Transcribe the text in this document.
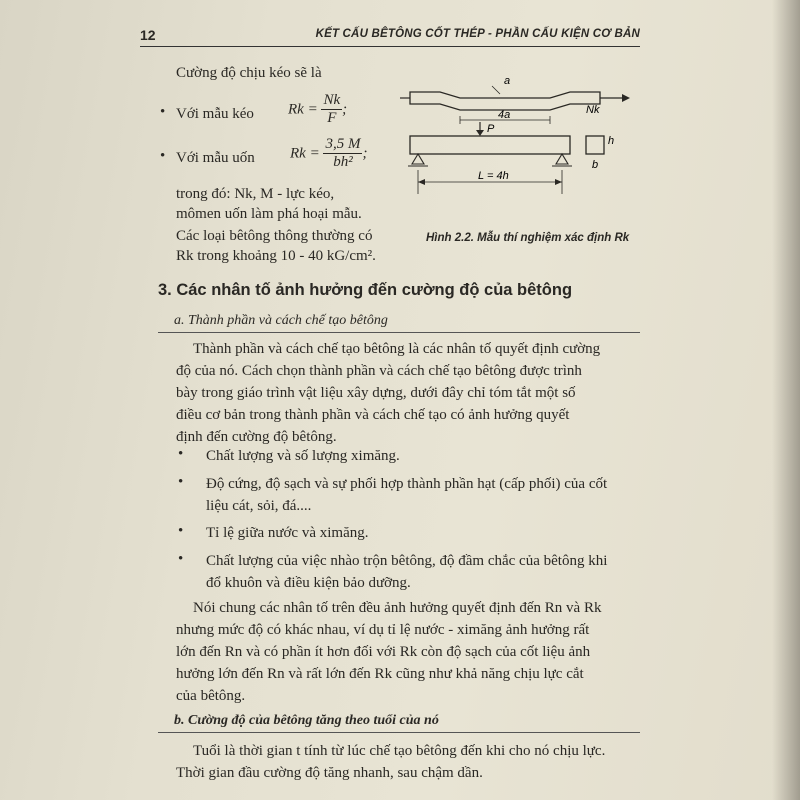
12	KẾT CẤU BÊTÔNG CỐT THÉP - PHẦN CẤU KIỆN CƠ BẢN
Cường độ chịu kéo sẽ là
• Với mẫu kéo $Rk = \frac{Nk}{F}$ ;
• Với mẫu uốn $Rk = \frac{3,5 M}{\text{bh²}}$ ;
trong đó: Nk, M - lực kéo,
mômen uốn làm phá hoại mẫu.
Các loại bêtông thông thường có
Rk trong khoảng 10 - 40 kG/cm².
Nk
a
4a
P
h
b
L = 4h
Hình 2.2. Mẫu thí nghiệm xác định Rk
3. Các nhân tố ảnh hưởng đến cường độ của bêtông
a. Thành phần và cách chế tạo bêtông
Thành phần và cách chế tạo bêtông là các nhân tố quyết định cường
độ của nó. Cách chọn thành phần và cách chế tạo bêtông được trình
bày trong giáo trình vật liệu xây dựng, dưới đây chỉ tóm tắt một số
điều cơ bản trong thành phần và cách chế tạo có ảnh hưởng quyết
định đến cường độ bêtông.
• Chất lượng và số lượng ximăng.
• Độ cứng, độ sạch và sự phối hợp thành phần hạt (cấp phối) của cốt
liệu cát, sỏi, đá....
• Tỉ lệ giữa nước và ximăng.
• Chất lượng của việc nhào trộn bêtông, độ đầm chắc của bêtông khi
đổ khuôn và điều kiện bảo dưỡng.
Nói chung các nhân tố trên đều ảnh hưởng quyết định đến Rn và Rk
nhưng mức độ có khác nhau, ví dụ tỉ lệ nước - ximăng ảnh hưởng rất
lớn đến Rn và có phần ít hơn đối với Rk còn độ sạch của cốt liệu ảnh
hưởng lớn đến Rn và rất lớn đến Rk cũng như khả năng chịu lực cắt
của bêtông.
b. Cường độ của bêtông tăng theo tuổi của nó
Tuổi là thời gian t tính từ lúc chế tạo bêtông đến khi cho nó chịu lực.
Thời gian đầu cường độ tăng nhanh, sau chậm dần.
